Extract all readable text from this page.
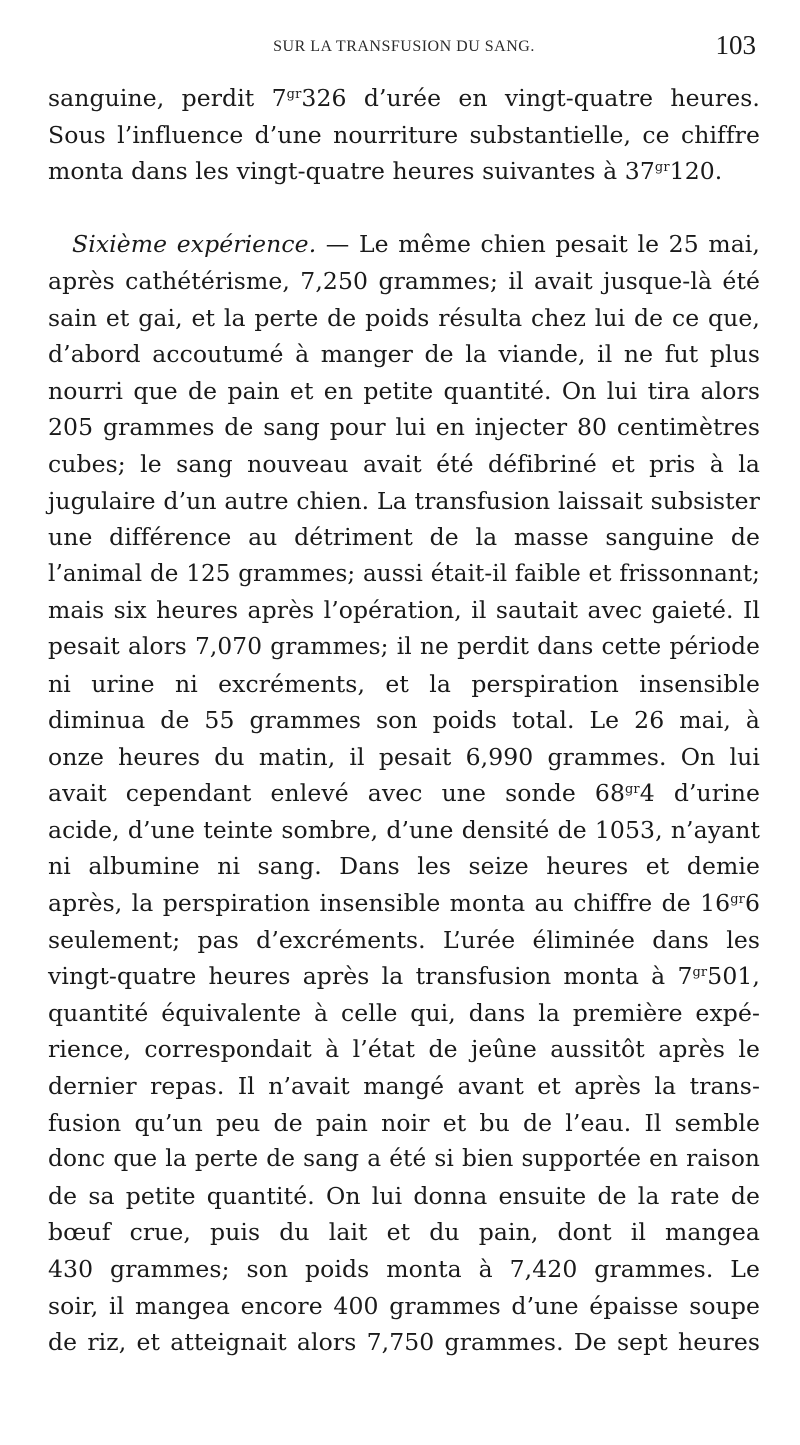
SUR LA TRANSFUSION DU SANG.	103
sanguine, perdit $7^{gr}326$ d’urée en vingt-quatre heures.
Sous l’influence d’une nourriture substantielle, ce chiffre
monta dans les vingt-quatre heures suivantes à $37^{gr}120$.
Sixième expérience. — Le même chien pesait le 25 mai,
après cathétérisme, 7,250 grammes; il avait jusque-là été
sain et gai, et la perte de poids résulta chez lui de ce que,
d’abord accoutumé à manger de la viande, il ne fut plus
nourri que de pain et en petite quantité. On lui tira alors
205 grammes de sang pour lui en injecter 80 centimètres
cubes; le sang nouveau avait été défibriné et pris à la
jugulaire d’un autre chien. La transfusion laissait subsister
une différence au détriment de la masse sanguine de
l’animal de 125 grammes; aussi était-il faible et frissonnant;
mais six heures après l’opération, il sautait avec gaieté. Il
pesait alors 7,070 grammes; il ne perdit dans cette période
ni urine ni excréments, et la perspiration insensible
diminua de 55 grammes son poids total. Le 26 mai, à
onze heures du matin, il pesait 6,990 grammes. On lui
avait cependant enlevé avec une sonde $68^{gr}4$ d’urine
acide, d’une teinte sombre, d’une densité de 1053, n’ayant
ni albumine ni sang. Dans les seize heures et demie
après, la perspiration insensible monta au chiffre de $16^{gr}6$
seulement; pas d’excréments. L’urée éliminée dans les
vingt-quatre heures après la transfusion monta à $7^{gr}501$,
quantité équivalente à celle qui, dans la première expé-
rience, correspondait à l’état de jeûne aussitôt après le
dernier repas. Il n’avait mangé avant et après la trans-
fusion qu’un peu de pain noir et bu de l’eau. Il semble
donc que la perte de sang a été si bien supportée en raison
de sa petite quantité. On lui donna ensuite de la rate de
bœuf crue, puis du lait et du pain, dont il mangea
430 grammes; son poids monta à 7,420 grammes. Le
soir, il mangea encore 400 grammes d’une épaisse soupe
de riz, et atteignait alors 7,750 grammes. De sept heures
